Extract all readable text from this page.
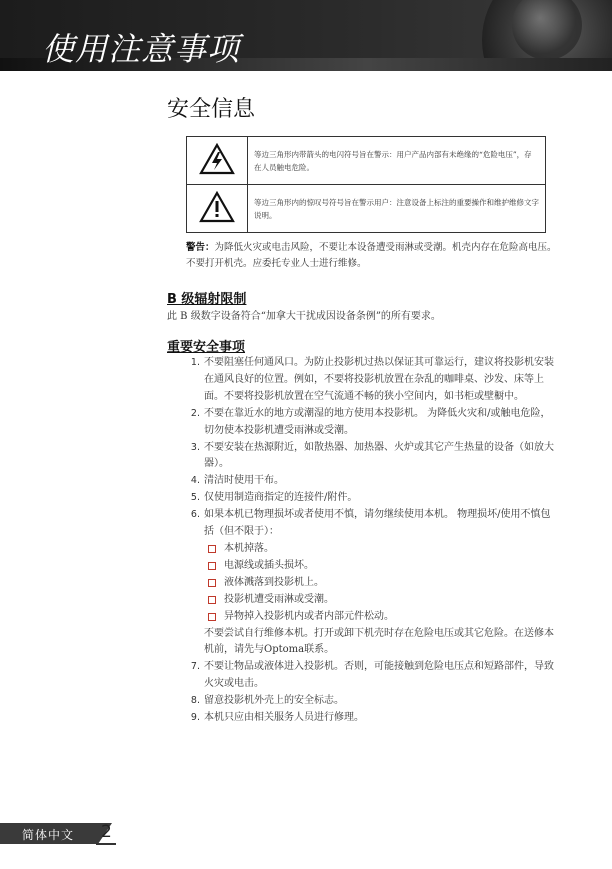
使用注意事项
安全信息
	等边三角形内带箭头的电闪符号旨在警示：用户产品内部有未绝缘的“危险电压”，存在人员触电危险。
	等边三角形内的惊叹号符号旨在警示用户：注意设备上标注的重要操作和维护维修文字说明。
警告：为降低火灾或电击风险，不要让本设备遭受雨淋或受潮。机壳内存在危险高电压。不要打开机壳。应委托专业人士进行维修。
B 级辐射限制
此 B 级数字设备符合“加拿大干扰成因设备条例”的所有要求。
重要安全事项
1. 不要阻塞任何通风口。为防止投影机过热以保证其可靠运行，建议将投影机安装在通风良好的位置。例如，不要将投影机放置在杂乱的咖啡桌、沙发、床等上面。不要将投影机放置在空气流通不畅的狭小空间内，如书柜或壁橱中。
2. 不要在靠近水的地方或潮湿的地方使用本投影机。 为降低火灾和/或触电危险，切勿使本投影机遭受雨淋或受潮。
3. 不要安装在热源附近，如散热器、加热器、火炉或其它产生热量的设备（如放大器）。
4. 清洁时使用干布。
5. 仅使用制造商指定的连接件/附件。
6. 如果本机已物理损坏或者使用不慎，请勿继续使用本机。 物理损坏/使用不慎包括（但不限于）：
本机掉落。
电源线或插头损坏。
液体溅落到投影机上。
投影机遭受雨淋或受潮。
异物掉入投影机内或者内部元件松动。
不要尝试自行维修本机。打开或卸下机壳时存在危险电压或其它危险。在送修本机前，请先与Optoma联系。
7. 不要让物品或液体进入投影机。否则，可能接触到危险电压点和短路部件，导致火灾或电击。
8. 留意投影机外壳上的安全标志。
9. 本机只应由相关服务人员进行修理。
简体中文 2
